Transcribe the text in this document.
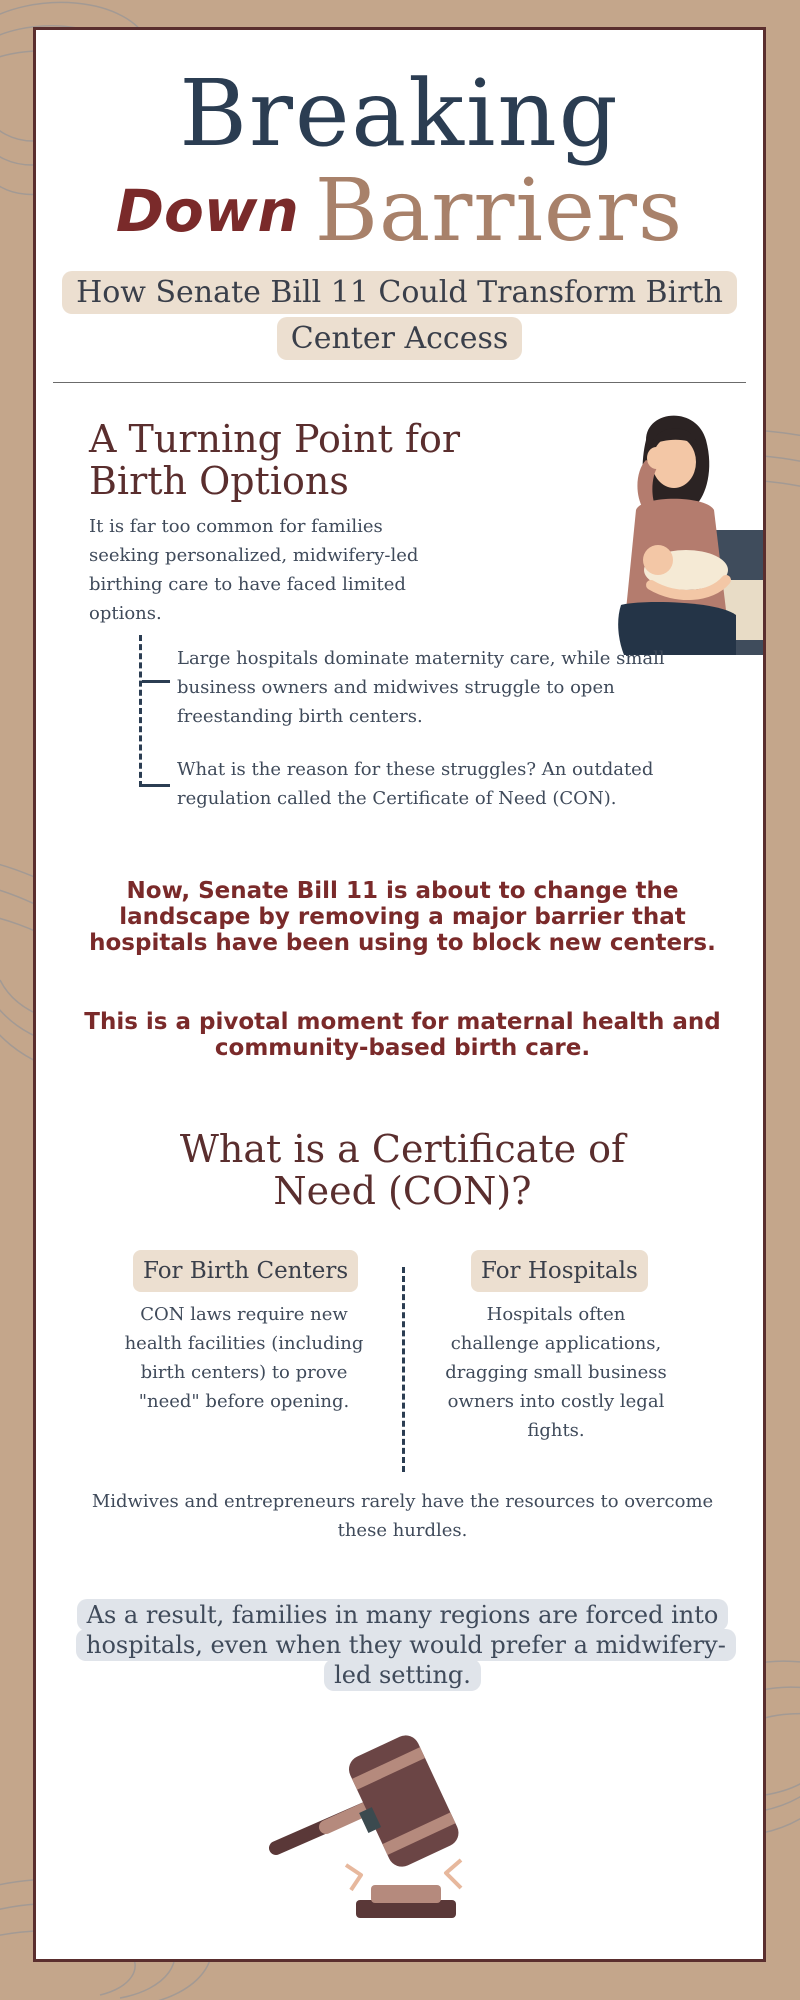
Breaking
Down Barriers
How Senate Bill 11 Could Transform Birth Center Access
A Turning Point for Birth Options
It is far too common for families seeking personalized, midwifery-led birthing care to have faced limited options.
Large hospitals dominate maternity care, while small business owners and midwives struggle to open freestanding birth centers.
What is the reason for these struggles? An outdated regulation called the Certificate of Need (CON).
Now, Senate Bill 11 is about to change the landscape by removing a major barrier that hospitals have been using to block new centers.
This is a pivotal moment for maternal health and community-based birth care.
What is a Certificate of Need (CON)?
For Birth Centers	For Hospitals
CON laws require new health facilities (including birth centers) to prove "need" before opening.
Hospitals often challenge applications, dragging small business owners into costly legal fights.
Midwives and entrepreneurs rarely have the resources to overcome these hurdles.
As a result, families in many regions are forced into hospitals, even when they would prefer a midwifery-led setting.
